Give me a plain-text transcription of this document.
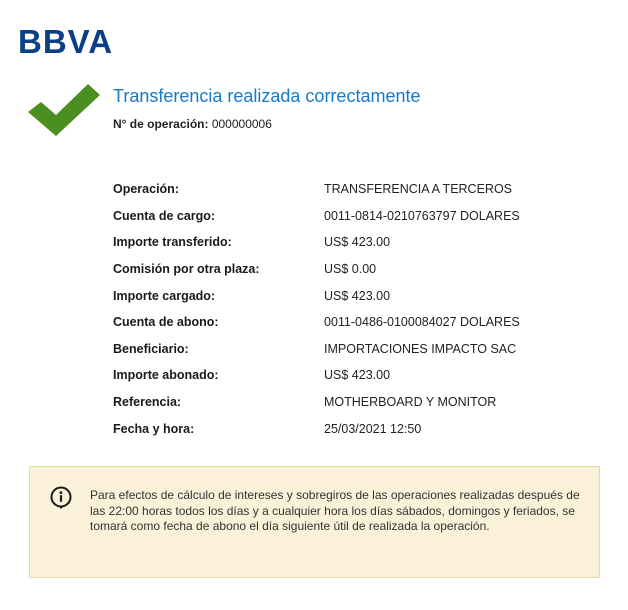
BBVA
Transferencia realizada correctamente
N° de operación: 000000006
Operación:	TRANSFERENCIA A TERCEROS
Cuenta de cargo:	0011-0814-0210763797 DOLARES
Importe transferido:	US$ 423.00
Comisión por otra plaza:	US$ 0.00
Importe cargado:	US$ 423.00
Cuenta de abono:	0011-0486-0100084027 DOLARES
Beneficiario:	IMPORTACIONES IMPACTO SAC
Importe abonado:	US$ 423.00
Referencia:	MOTHERBOARD Y MONITOR
Fecha y hora:	25/03/2021 12:50
Para efectos de cálculo de intereses y sobregiros de las operaciones realizadas después de las 22:00 horas todos los días y a cualquier hora los días sábados, domingos y feriados, se tomará como fecha de abono el día siguiente útil de realizada la operación.
